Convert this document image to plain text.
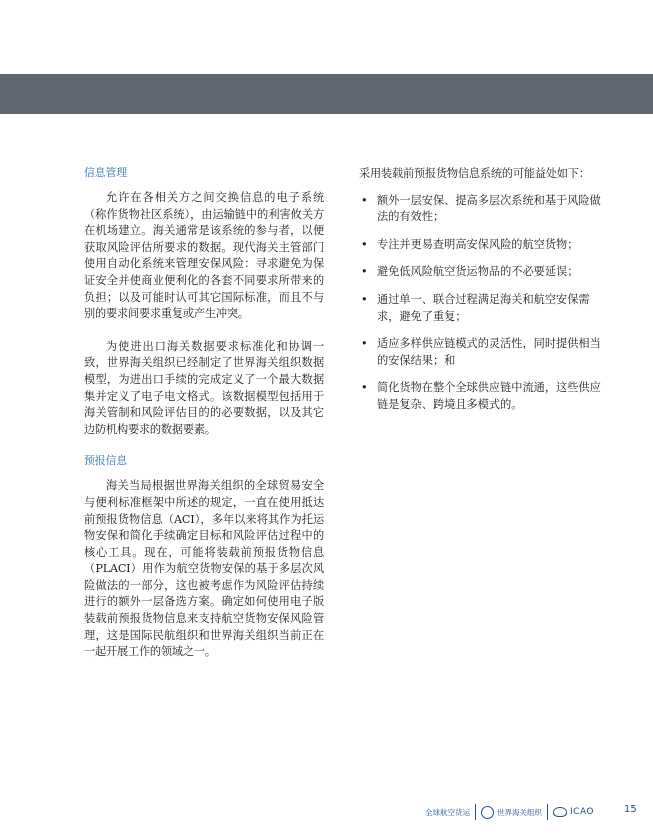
信息管理

允许在各相关方之间交换信息的电子系统（称作货物社区系统），由运输链中的利害攸关方在机场建立。海关通常是该系统的参与者，以便获取风险评估所要求的数据。现代海关主管部门使用自动化系统来管理安保风险：寻求避免为保证安全并使商业便利化的各套不同要求所带来的负担；以及可能时认可其它国际标准，而且不与别的要求间要求重复或产生冲突。

为使进出口海关数据要求标准化和协调一致，世界海关组织已经制定了世界海关组织数据模型，为进出口手续的完成定义了一个最大数据集并定义了电子电文格式。该数据模型包括用于海关管制和风险评估目的的必要数据，以及其它边防机构要求的数据要素。

预报信息

海关当局根据世界海关组织的全球贸易安全与便利标准框架中所述的规定，一直在使用抵达前预报货物信息（ACI），多年以来将其作为托运物安保和简化手续确定目标和风险评估过程中的核心工具。现在，可能将装载前预报货物信息（PLACI）用作为航空货物安保的基于多层次风险做法的一部分，这也被考虑作为风险评估持续进行的额外一层备选方案。确定如何使用电子版装载前预报货物信息来支持航空货物安保风险管理，这是国际民航组织和世界海关组织当前正在一起开展工作的领域之一。

采用装载前预报货物信息系统的可能益处如下：

• 额外一层安保、提高多层次系统和基于风险做法的有效性；
• 专注并更易查明高安保风险的航空货物；
• 避免低风险航空货运物品的不必要延误；
• 通过单一、联合过程满足海关和航空安保需求，避免了重复；
• 适应多样供应链模式的灵活性，同时提供相当的安保结果；和
• 简化货物在整个全球供应链中流通，这些供应链是复杂、跨境且多模式的。
全球航空货运	世界海关组织	ICAO	15
